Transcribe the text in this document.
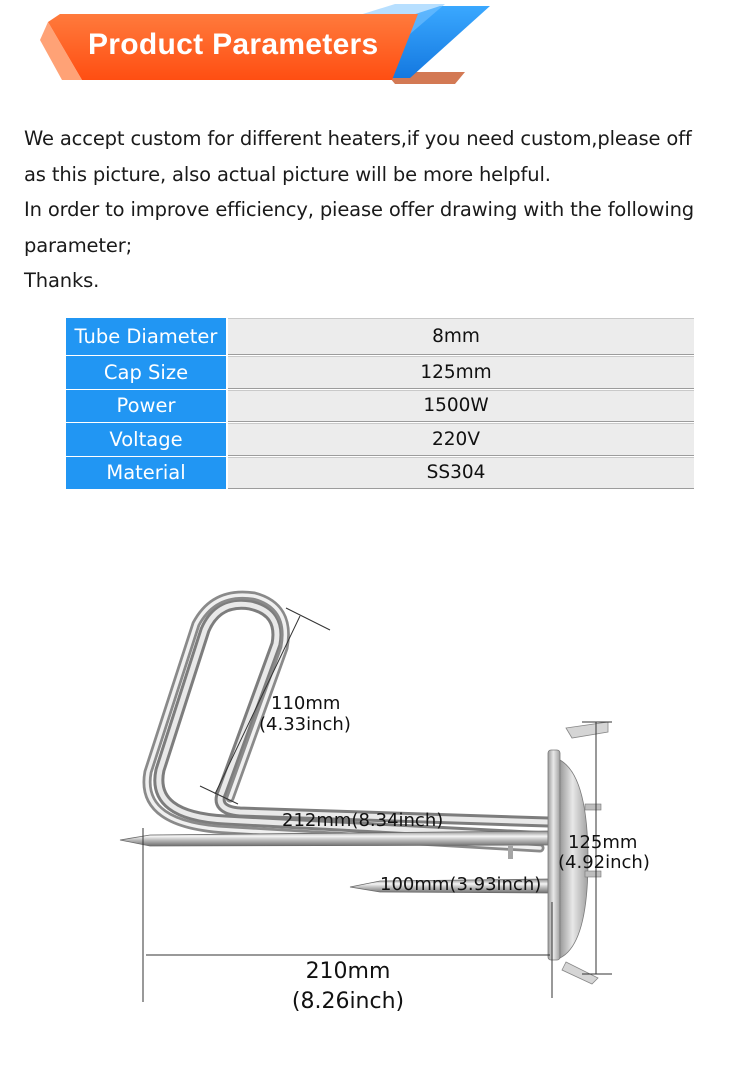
Product Parameters

We accept custom for different heaters,if you need custom,please off

as this picture, also actual picture will be more helpful.

In order to improve efficiency, piease offer drawing with the following

parameter;

Thanks.

Tube Diameter	8mm
Cap Size	125mm
Power	1500W
Voltage	220V
Material	SS304
110mm
(4.33inch)
212mm(8.34inch)
125mm
(4.92inch)
100mm(3.93inch)
210mm
(8.26inch)
